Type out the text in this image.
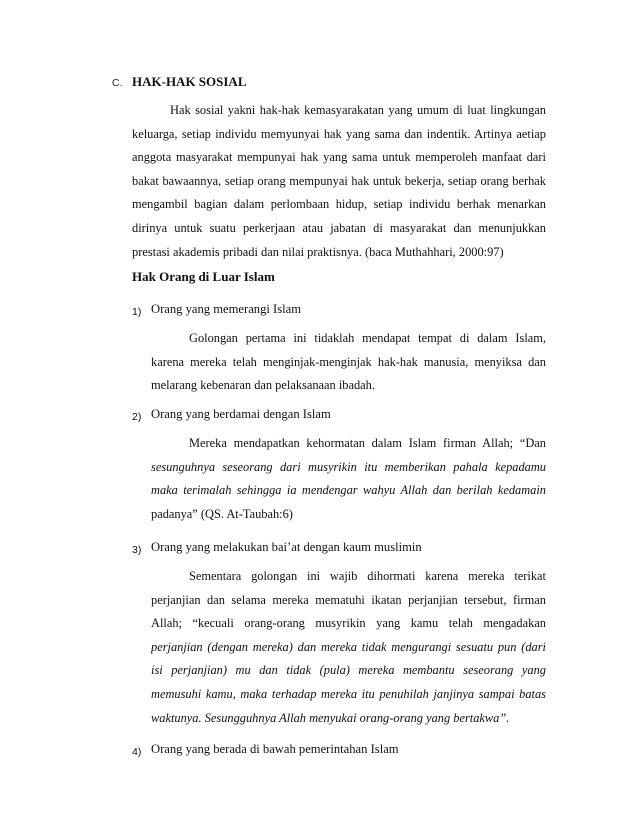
C. HAK-HAK SOSIAL
Hak sosial yakni hak-hak kemasyarakatan yang umum di luat lingkungan
keluarga, setiap individu memyunyai hak yang sama dan indentik. Artinya aetiap
anggota masyarakat mempunyai hak yang sama untuk memperoleh manfaat dari
bakat bawaannya, setiap orang mempunyai hak untuk bekerja, setiap orang berhak
mengambil bagian dalam perlombaan hidup, setiap individu berhak menarkan
dirinya untuk suatu perkerjaan atau jabatan di masyarakat dan menunjukkan
prestasi akademis pribadi dan nilai praktisnya. (baca Muthahhari, 2000:97)
Hak Orang di Luar Islam
1) Orang yang memerangi Islam
Golongan pertama ini tidaklah mendapat tempat di dalam Islam,
karena mereka telah menginjak-menginjak hak-hak manusia, menyiksa dan
melarang kebenaran dan pelaksanaan ibadah.
2) Orang yang berdamai dengan Islam
Mereka mendapatkan kehormatan dalam Islam firman Allah; “Dan
sesunguhnya seseorang dari musyrikin itu memberikan pahala kepadamu
maka terimalah sehingga ia mendengar wahyu Allah dan berilah kedamain
padanya” (QS. At-Taubah:6)
3) Orang yang melakukan bai’at dengan kaum muslimin
Sementara golongan ini wajib dihormati karena mereka terikat
perjanjian dan selama mereka mematuhi ikatan perjanjian tersebut, firman
Allah; “kecuali orang-orang musyrikin yang kamu telah mengadakan
perjanjian (dengan mereka) dan mereka tidak mengurangi sesuatu pun (dari
isi perjanjian) mu dan tidak (pula) mereka membantu seseorang yang
memusuhi kamu, maka terhadap mereka itu penuhilah janjinya sampai batas
waktunya. Sesungguhnya Allah menyukai orang-orang yang bertakwa”.
4) Orang yang berada di bawah pemerintahan Islam
